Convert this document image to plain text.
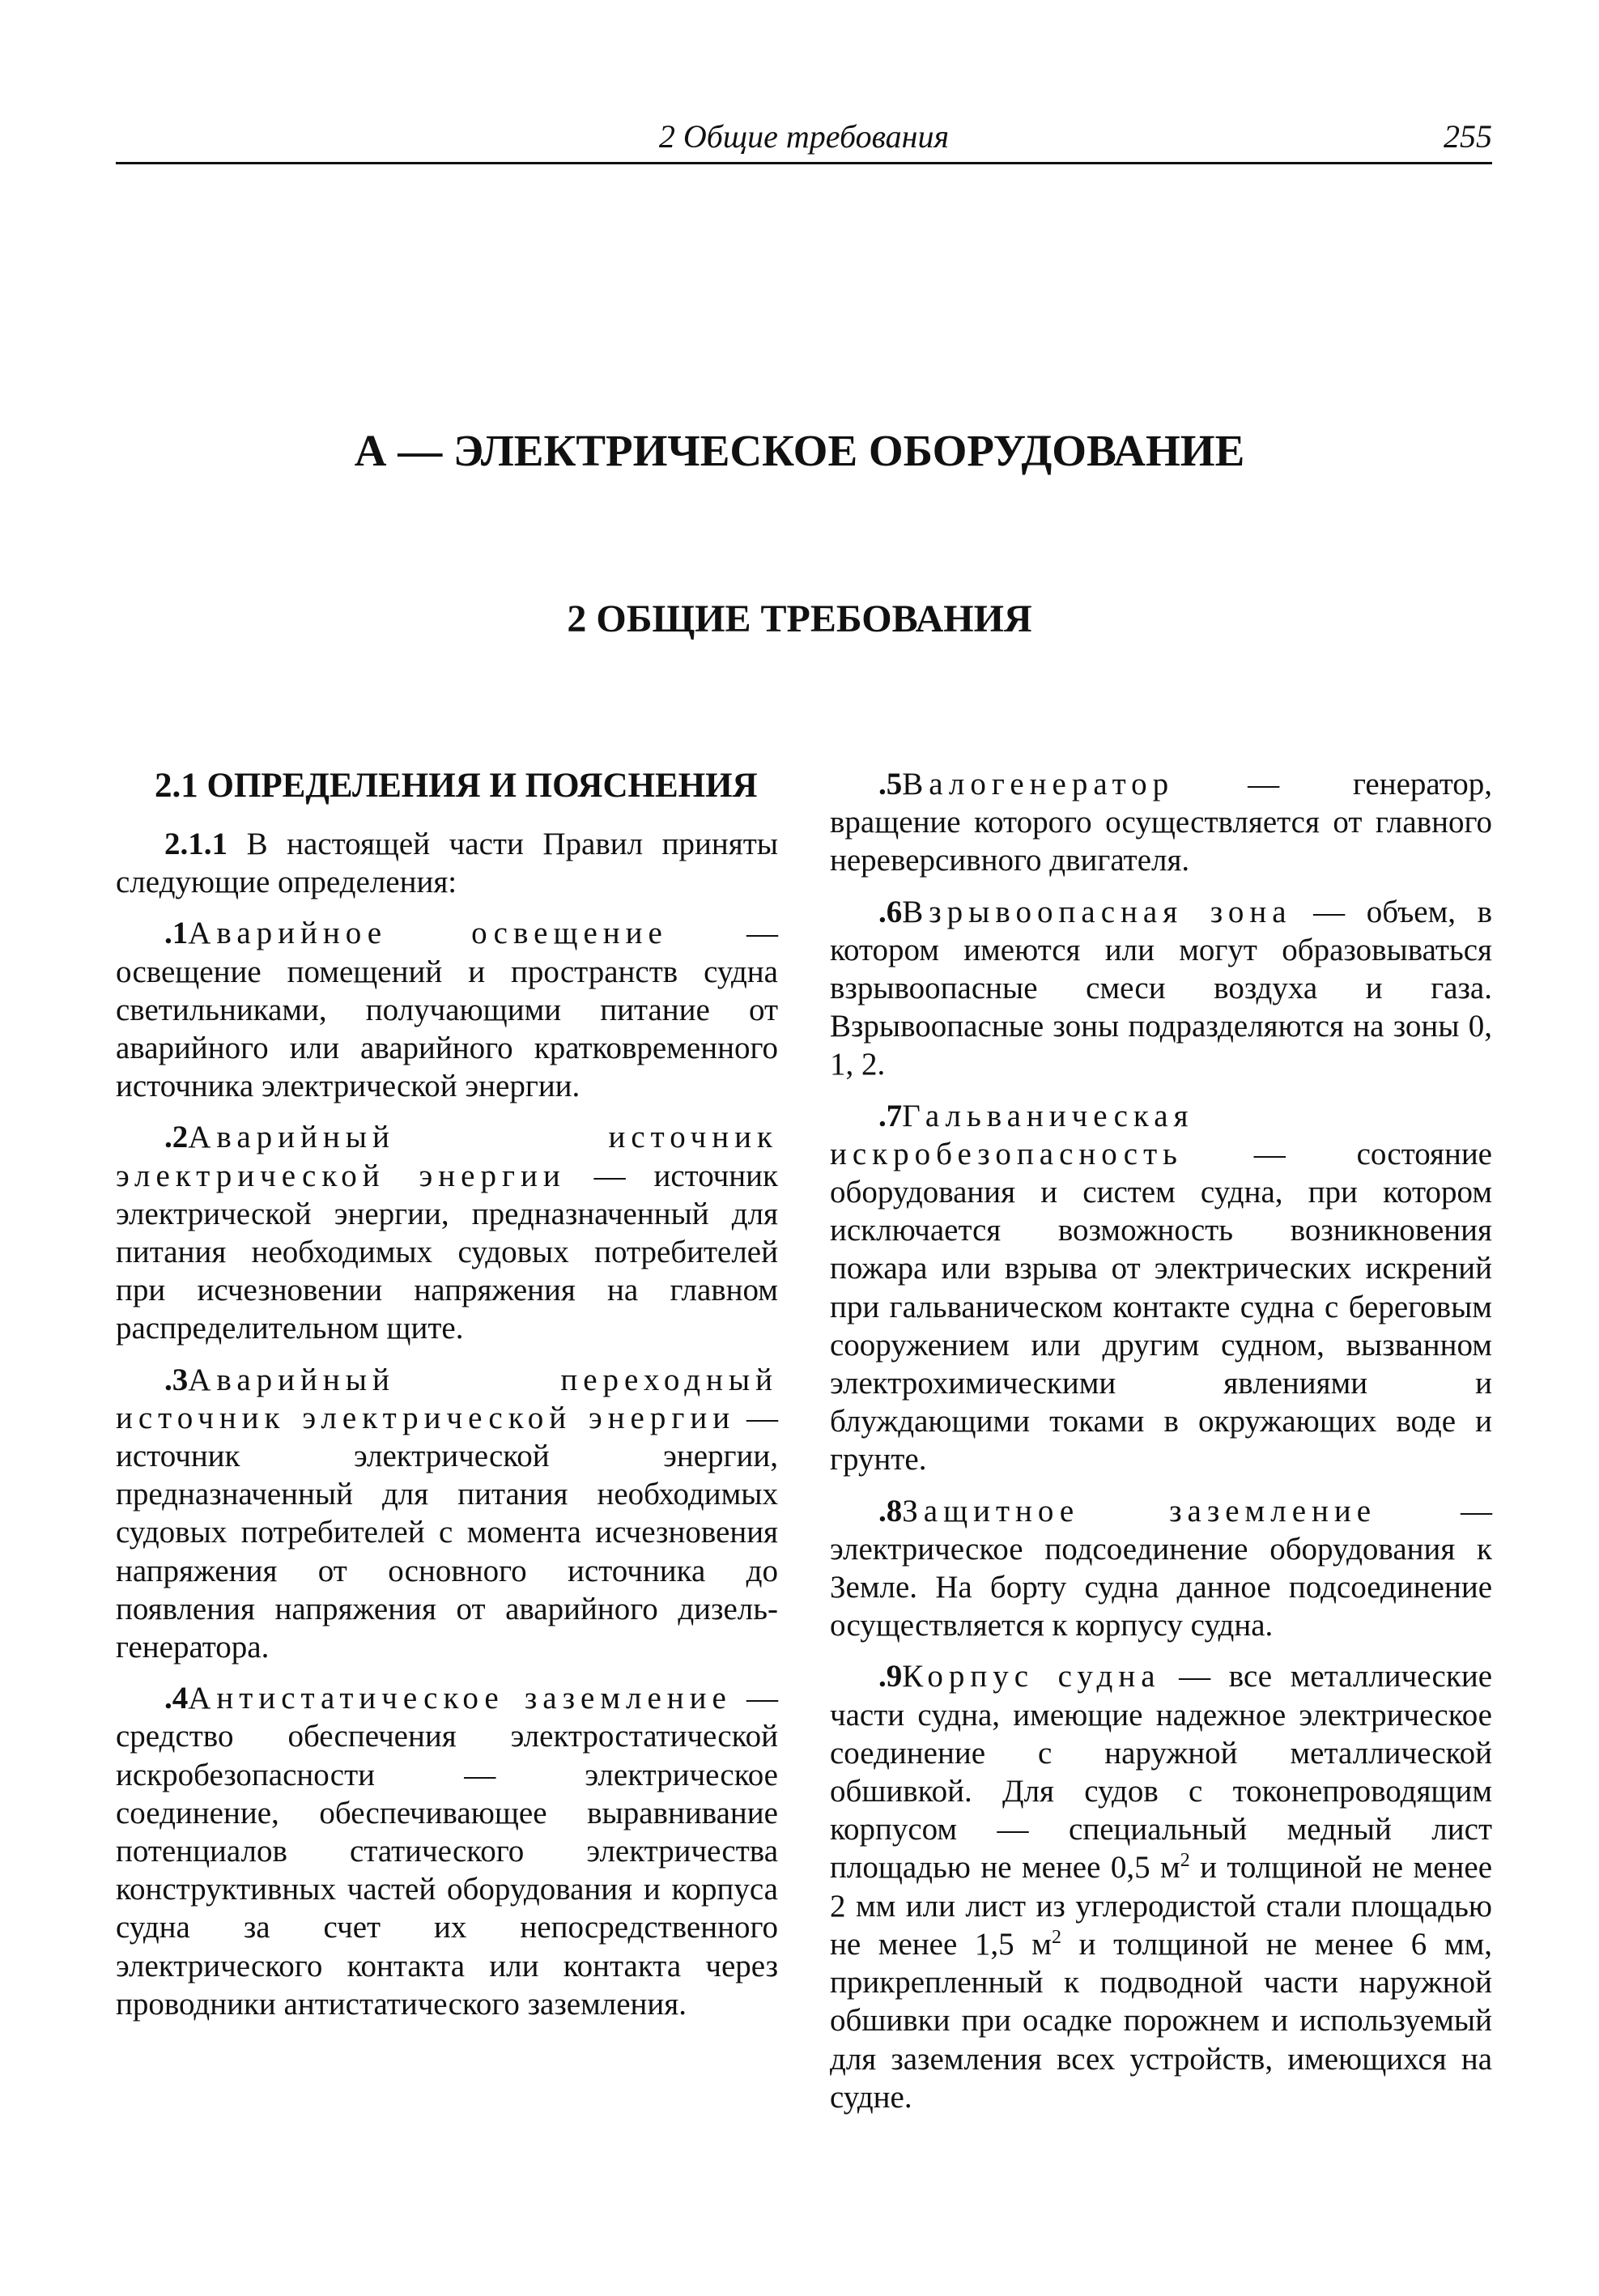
2 Общие требования	255
А — ЭЛЕКТРИЧЕСКОЕ ОБОРУДОВАНИЕ
2 ОБЩИЕ ТРЕБОВАНИЯ
2.1 ОПРЕДЕЛЕНИЯ И ПОЯСНЕНИЯ

2.1.1 В настоящей части Правил приняты следующие определения:

.1Аварийное освещение — освещение помещений и пространств судна светильниками, получающими питание от аварийного или аварийного кратковременного источника электрической энергии.

.2Аварийный источник электрической энергии — источник электрической энергии, предназначенный для питания необходимых судовых потребителей при исчезновении напряжения на главном распределительном щите.

.3Аварийный переходный источник электрической энергии — источник электрической энергии, предназначенный для питания необходимых судовых потребителей с момента исчезновения напряжения от основного источника до появления напряжения от аварийного дизель-генератора.

.4Антистатическое заземление — средство обеспечения электростатической искробезопасности — электрическое соединение, обеспечивающее выравнивание потенциалов статического электричества конструктивных частей оборудования и корпуса судна за счет их непосредственного электрического контакта или контакта через проводники антистатического заземления.

.5Валогенератор — генератор, вращение которого осуществляется от главного нереверсивного двигателя.

.6Взрывоопасная зона — объем, в котором имеются или могут образовываться взрывоопасные смеси воздуха и газа. Взрывоопасные зоны подразделяются на зоны 0, 1, 2.

.7Гальваническая искробезопасность — состояние оборудования и систем судна, при котором исключается возможность возникновения пожара или взрыва от электрических искрений при гальваническом контакте судна с береговым сооружением или другим судном, вызванном электрохимическими явлениями и блуждающими токами в окружающих воде и грунте.

.8Защитное заземление — электрическое подсоединение оборудования к Земле. На борту судна данное подсоединение осуществляется к корпусу судна.

.9Корпус судна — все металлические части судна, имеющие надежное электрическое соединение с наружной металлической обшивкой. Для судов с токонепроводящим корпусом — специальный медный лист площадью не менее 0,5 $м^2$ и толщиной не менее 2 мм или лист из углеродистой стали площадью не менее 1,5 $м^2$ и толщиной не менее 6 мм, прикрепленный к подводной части наружной обшивки при осадке порожнем и используемый для заземления всех устройств, имеющихся на судне.
